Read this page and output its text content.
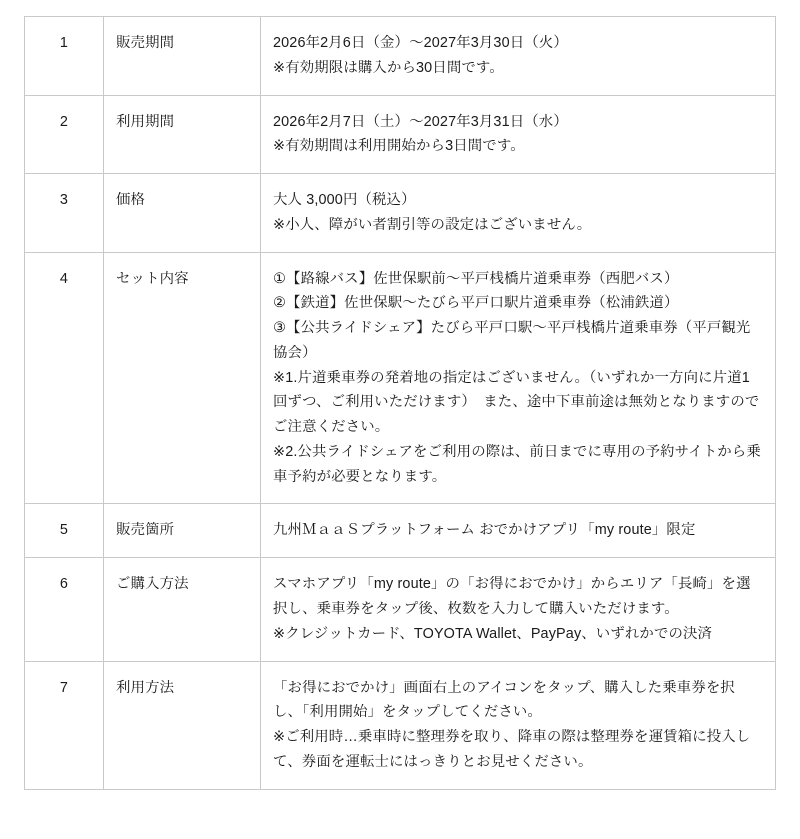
1	販売期間	2026年2月6日（金）〜2027年3月30日（火）
※有効期限は購入から30日間です。

2	利用期間	2026年2月7日（土）〜2027年3月31日（水）
※有効期間は利用開始から3日間です。

3	価格	大人 3,000円（税込）
※小人、障がい者割引等の設定はございません。

4	セット内容	①【路線バス】佐世保駅前〜平戸桟橋片道乗車券（西肥バス）
②【鉄道】佐世保駅〜たびら平戸口駅片道乗車券（松浦鉄道）
③【公共ライドシェア】たびら平戸口駅〜平戸桟橋片道乗車券（平戸観光協会）
※1.片道乗車券の発着地の指定はございません。（いずれか一方向に片道1回ずつ、ご利用いただけます）　また、途中下車前途は無効となりますのでご注意ください。
※2.公共ライドシェアをご利用の際は、前日までに専用の予約サイトから乗車予約が必要となります。

5	販売箇所	九州ＭａａＳプラットフォーム おでかけアプリ「my route」限定

6	ご購入方法	スマホアプリ「my route」の「お得におでかけ」からエリア「長崎」を選択し、乗車券をタップ後、枚数を入力して購入いただけます。
※クレジットカード、TOYOTA Wallet、PayPay、いずれかでの決済

7	利用方法	「お得におでかけ」画面右上のアイコンをタップ、購入した乗車券を択し、「利用開始」をタップしてください。
※ご利用時…乗車時に整理券を取り、降車の際は整理券を運賃箱に投入して、券面を運転士にはっきりとお見せください。
